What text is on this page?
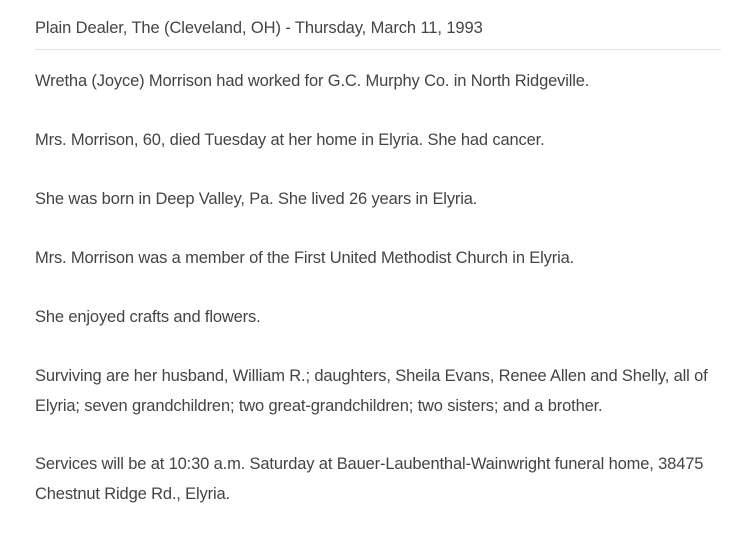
Plain Dealer, The (Cleveland, OH) - Thursday, March 11, 1993

Wretha (Joyce) Morrison had worked for G.C. Murphy Co. in North Ridgeville.

Mrs. Morrison, 60, died Tuesday at her home in Elyria. She had cancer.

She was born in Deep Valley, Pa. She lived 26 years in Elyria.

Mrs. Morrison was a member of the First United Methodist Church in Elyria.

She enjoyed crafts and flowers.

Surviving are her husband, William R.; daughters, Sheila Evans, Renee Allen and Shelly, all of Elyria; seven grandchildren; two great-grandchildren; two sisters; and a brother.

Services will be at 10:30 a.m. Saturday at Bauer-Laubenthal-Wainwright funeral home, 38475 Chestnut Ridge Rd., Elyria.
